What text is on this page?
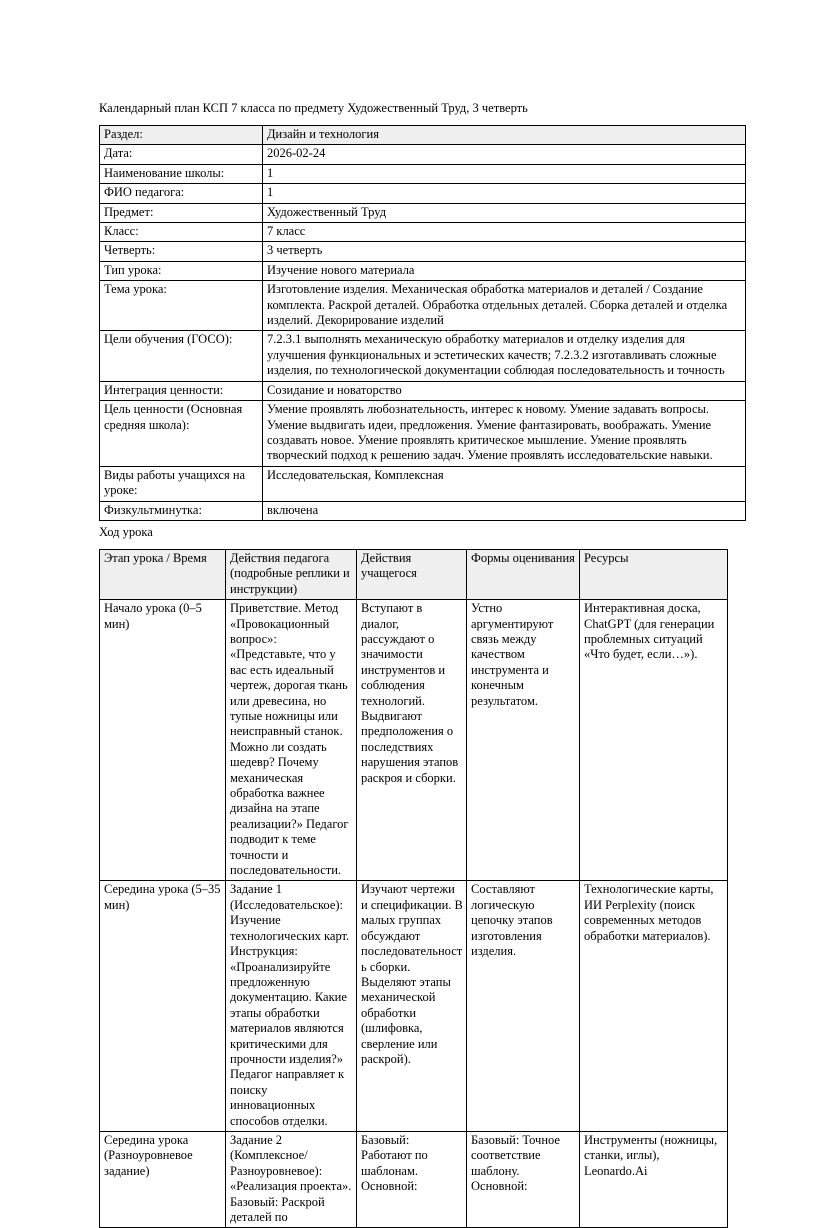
Календарный план КСП 7 класса по предмету Художественный Труд, 3 четверть
Раздел:	Дизайн и технология
Дата:	2026-02-24
Наименование школы:	1
ФИО педагога:	1
Предмет:	Художественный Труд
Класс:	7 класс
Четверть:	3 четверть
Тип урока:	Изучение нового материала
Тема урока:	Изготовление изделия. Механическая обработка материалов и деталей / Создание комплекта. Раскрой деталей. Обработка отдельных деталей. Сборка деталей и отделка изделий. Декорирование изделий
Цели обучения (ГОСО):	7.2.3.1 выполнять механическую обработку материалов и отделку изделия для улучшения функциональных и эстетических качеств; 7.2.3.2 изготавливать сложные изделия, по технологической документации соблюдая последовательность и точность
Интеграция ценности:	Созидание и новаторство
Цель ценности (Основная средняя школа):	Умение проявлять любознательность, интерес к новому. Умение задавать вопросы. Умение выдвигать идеи, предложения. Умение фантазировать, воображать. Умение создавать новое. Умение проявлять критическое мышление. Умение проявлять творческий подход к решению задач. Умение проявлять исследовательские навыки.
Виды работы учащихся на уроке:	Исследовательская, Комплексная
Физкультминутка:	включена
Ход урока
Этап урока / Время	Действия педагога (подробные реплики и инструкции)	Действия учащегося	Формы оценивания	Ресурсы
Начало урока (0–5 мин)	Приветствие. Метод «Провокационный вопрос»: «Представьте, что у вас есть идеальный чертеж, дорогая ткань или древесина, но тупые ножницы или неисправный станок. Можно ли создать шедевр? Почему механическая обработка важнее дизайна на этапе реализации?» Педагог подводит к теме точности и последовательности.	Вступают в диалог, рассуждают о значимости инструментов и соблюдения технологий. Выдвигают предположения о последствиях нарушения этапов раскроя и сборки.	Устно аргументируют связь между качеством инструмента и конечным результатом.	Интерактивная доска, ChatGPT (для генерации проблемных ситуаций «Что будет, если…»).
Середина урока (5–35 мин)	Задание 1 (Исследовательское): Изучение технологических карт. Инструкция: «Проанализируйте предложенную документацию. Какие этапы обработки материалов являются критическими для прочности изделия?» Педагог направляет к поиску инновационных способов отделки.	Изучают чертежи и спецификации. В малых группах обсуждают последовательность сборки. Выделяют этапы механической обработки (шлифовка, сверление или раскрой).	Составляют логическую цепочку этапов изготовления изделия.	Технологические карты, ИИ Perplexity (поиск современных методов обработки материалов).
Середина урока (Разноуровневое задание)	Задание 2 (Комплексное/Разноуровневое): «Реализация проекта». Базовый: Раскрой деталей по	Базовый: Работают по шаблонам. Основной:	Базовый: Точное соответствие шаблону. Основной:	Инструменты (ножницы, станки, иглы), Leonardo.Ai
